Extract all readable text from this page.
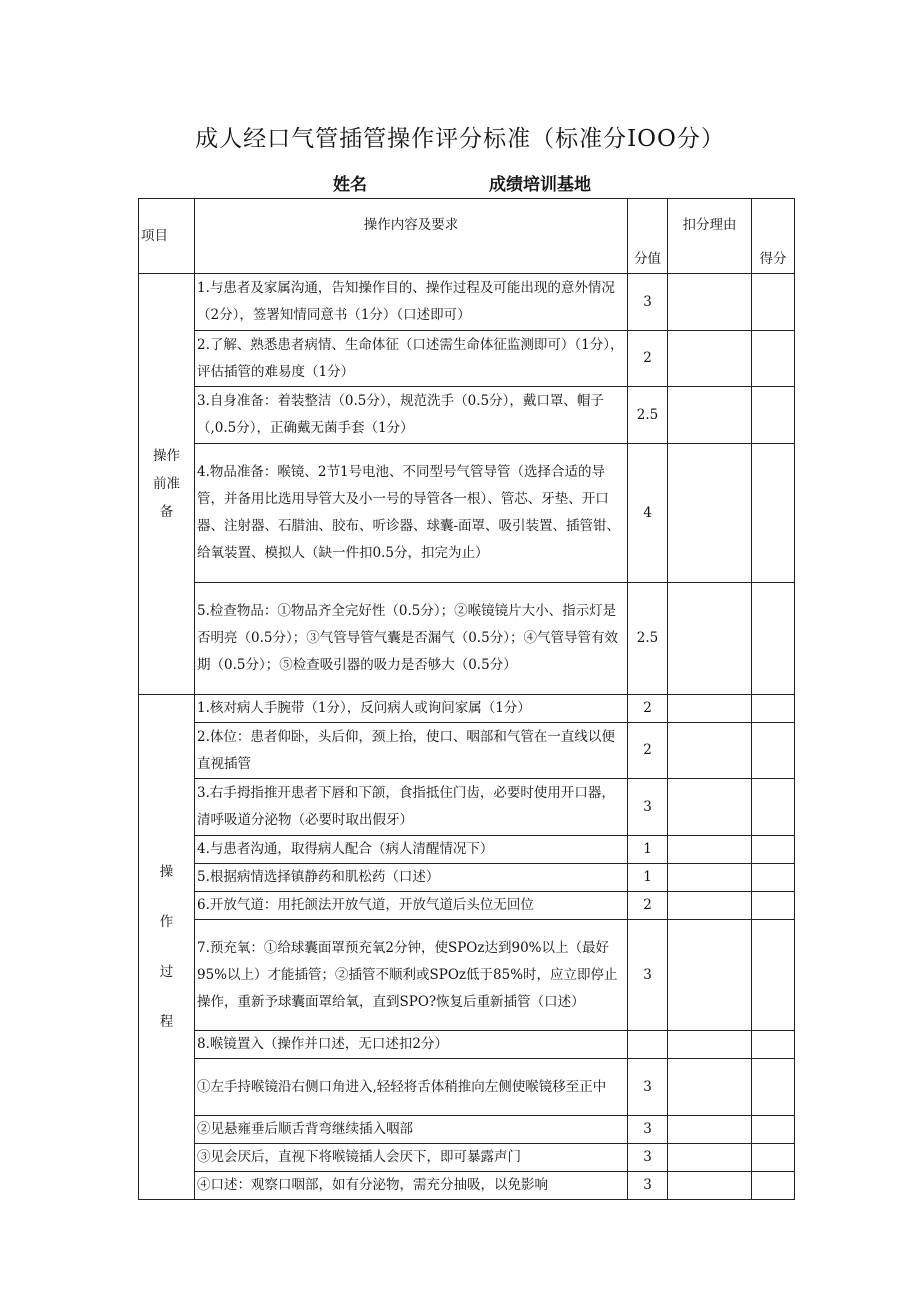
成人经口气管插管操作评分标准（标准分IOO分）
姓名	成绩培训基地
项目	操作内容及要求	分值	扣分理由	得分
操作
前准
备	1.与患者及家属沟通，告知操作目的、操作过程及可能出现的意外情况（2分），签署知情同意书（1分）（口述即可）	3		
	2.了解、熟悉患者病情、生命体征（口述需生命体征监测即可）（1分），评估插管的难易度（1分）	2		
	3.自身准备：着装整洁（0.5分），规范洗手（0.5分），戴口罩、帽子（,0.5分），正确戴无菌手套（1分）	2.5		
	4.物品准备：喉镜、2节1号电池、不同型号气管导管（选择合适的导管，并备用比选用导管大及小一号的导管各一根）、管芯、牙垫、开口器、注射器、石腊油、胶布、听诊器、球囊-面罩、吸引装置、插管钳、给氧装置、模拟人（缺一件扣0.5分，扣完为止）	4		
	5.检查物品：①物品齐全完好性（0.5分）；②喉镜镜片大小、指示灯是否明亮（0.5分）；③气管导管气囊是否漏气（0.5分）；④气管导管有效期（0.5分）；⑤检查吸引器的吸力是否够大（0.5分）	2.5		

操
作
过
程	1.核对病人手腕带（1分），反问病人或询问家属（1分）	2		
	2.体位：患者仰卧，头后仰，颈上抬，使口、咽部和气管在一直线以便直视插管	2		
	3.右手拇指推开患者下唇和下颌，食指抵住门齿，必要时使用开口器，清呼吸道分泌物（必要时取出假牙）	3		
	4.与患者沟通，取得病人配合（病人清醒情况下）	1		
	5.根据病情选择镇静药和肌松药（口述）	1		
	6.开放气道：用托颌法开放气道，开放气道后头位无回位	2		
	7.预充氧：①给球囊面罩预充氧2分钟，使SPOz达到90%以上（最好95%以上）才能插管；②插管不顺利或SPOz低于85%时，应立即停止操作，重新予球囊面罩给氧，直到SPO?恢复后重新插管（口述）	3		
	8.喉镜置入（操作并口述，无口述扣2分）			
	①左手持喉镜沿右侧口角进入,轻轻将舌体稍推向左侧使喉镜移至正中	3		
	②见悬雍垂后顺舌背弯继续插入咽部	3		
	③见会厌后，直视下将喉镜插人会厌下，即可暴露声门	3		
	④口述：观察口咽部，如有分泌物，需充分抽吸，以免影响	3		
